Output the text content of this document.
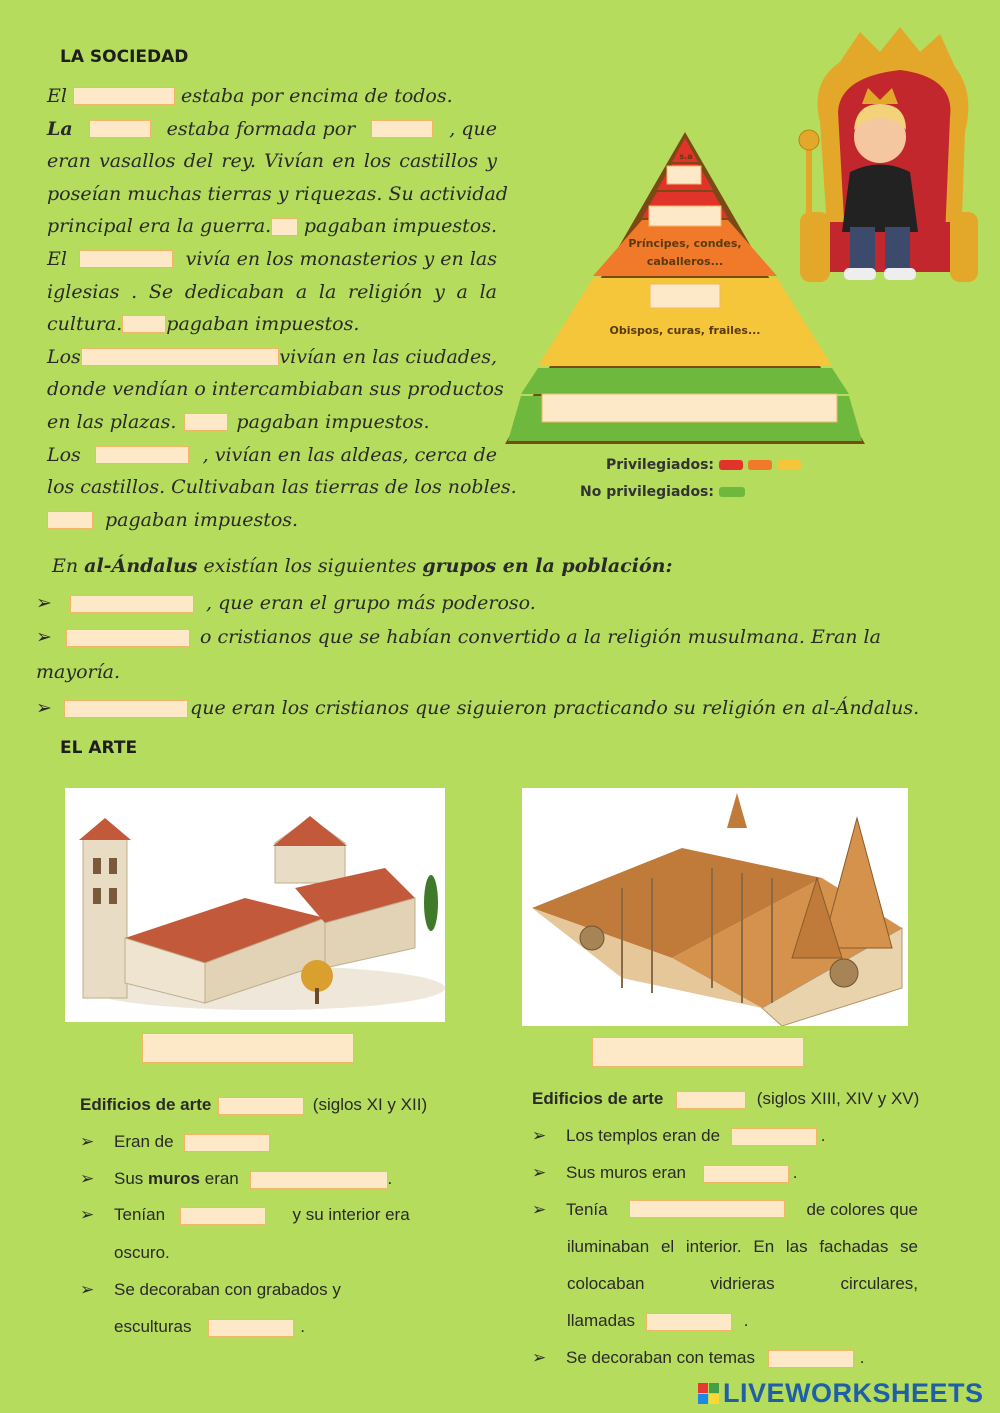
LA SOCIEDAD
El	estaba por encima de todos.
La	estaba formada por	, que
eran vasallos del rey. Vivían en los castillos y
poseían muchas tierras y riquezas. Su actividad
principal era la guerra. pagaban impuestos.
El	vivía en los monasterios y en las
iglesias . Se dedicaban a la religión y a la
cultura. pagaban impuestos.
Los	vivían en las ciudades,
donde vendían o intercambiaban sus productos
en las plazas.	pagaban impuestos.
Los	, vivían en las aldeas, cerca de
los castillos. Cultivaban las tierras de los nobles.
pagaban impuestos.
s.a
Príncipes, condes, caballeros...
Obispos, curas, frailes...
Privilegiados:
No privilegiados:
En al-Ándalus existían los siguientes grupos en la población:
➢	, que eran el grupo más poderoso.
➢	o cristianos que se habían convertido a la religión musulmana. Eran la
mayoría.
➢	que eran los cristianos que siguieron practicando su religión en al-Ándalus.
EL ARTE
Edificios de arte	(siglos XI y XII)
➢ Eran de
➢ Sus muros eran	.
➢ Tenían	y su interior era
oscuro.
➢ Se decoraban con grabados y
esculturas	.
Edificios de arte	(siglos XIII, XIV y XV)
➢ Los templos eran de	.
➢ Sus muros eran	.
➢ Tenía	de colores que
iluminaban el interior. En las fachadas se
colocaban vidrieras circulares,
llamadas	.
➢ Se decoraban con temas	.
LIVEWORKSHEETS
